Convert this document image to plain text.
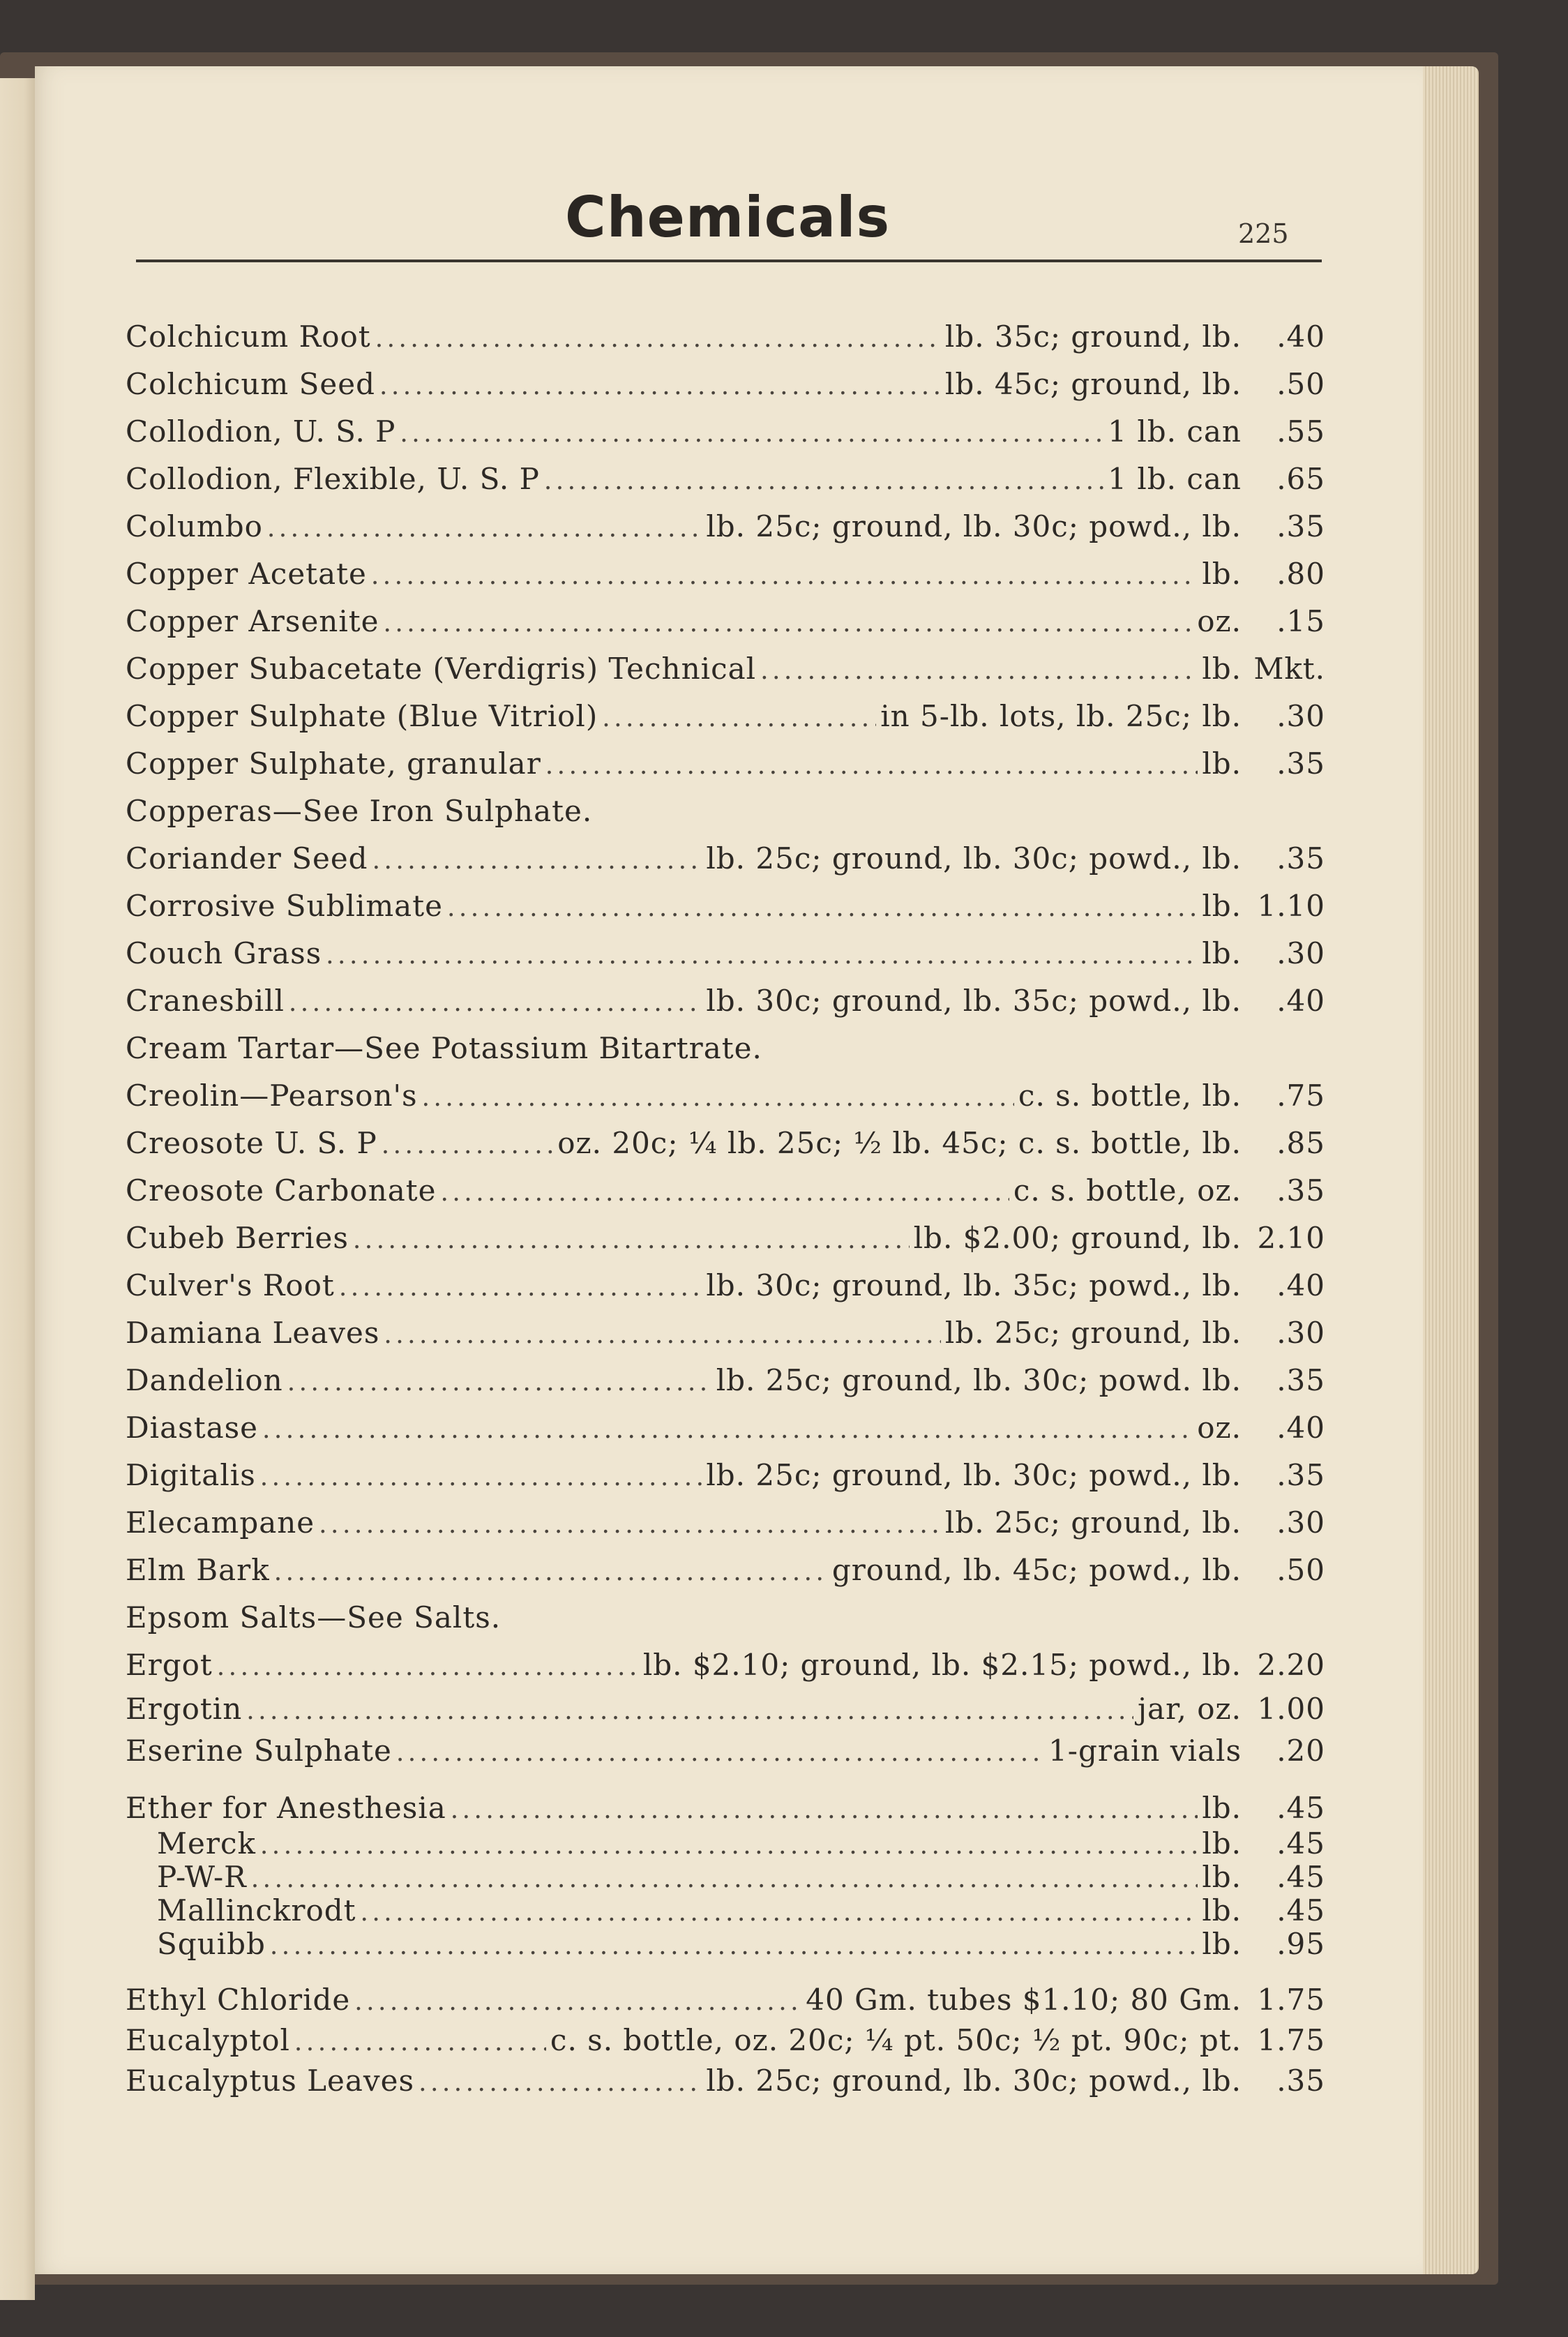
Chemicals	225
Colchicum Root . . .	lb. 35c; ground, lb.	.40
Colchicum Seed . . .	lb. 45c; ground, lb.	.50
Collodion, U. S. P . . .	1 lb. can	.55
Collodion, Flexible, U. S. P . . .	1 lb. can	.65
Columbo . . .	lb. 25c; ground, lb. 30c; powd., lb.	.35
Copper Acetate . . .	lb.	.80
Copper Arsenite . . .	oz.	.15
Copper Subacetate (Verdigris) Technical . . .	lb. Mkt.
Copper Sulphate (Blue Vitriol) . . .	in 5-lb. lots, lb. 25c; lb.	.30
Copper Sulphate, granular . . .	lb.	.35
Copperas—See Iron Sulphate.
Coriander Seed . . .	lb. 25c; ground, lb. 30c; powd., lb.	.35
Corrosive Sublimate . . .	lb. 1.10
Couch Grass . . .	lb.	.30
Cranesbill . . .	lb. 30c; ground, lb. 35c; powd., lb.	.40
Cream Tartar—See Potassium Bitartrate.
Creolin—Pearson's . . .	c. s. bottle, lb.	.75
Creosote U. S. P . . .	oz. 20c; ¼ lb. 25c; ½ lb. 45c; c. s. bottle, lb.	.85
Creosote Carbonate . . .	c. s. bottle, oz.	.35
Cubeb Berries . . .	lb. $2.00; ground, lb. 2.10
Culver's Root . . .	lb. 30c; ground, lb. 35c; powd., lb.	.40
Damiana Leaves . . .	lb. 25c; ground, lb.	.30
Dandelion . . .	lb. 25c; ground, lb. 30c; powd. lb.	.35
Diastase . . .	oz.	.40
Digitalis . . .	lb. 25c; ground, lb. 30c; powd., lb.	.35
Elecampane . . .	lb. 25c; ground, lb.	.30
Elm Bark . . .	ground, lb. 45c; powd., lb.	.50
Epsom Salts—See Salts.
Ergot . . .	lb. $2.10; ground, lb. $2.15; powd., lb. 2.20
Ergotin . . .	jar, oz. 1.00
Eserine Sulphate . . .	1-grain vials	.20
Ether for Anesthesia . . .	lb.	.45
Merck . . .	lb.	.45
P-W-R . . .	lb.	.45
Mallinckrodt . . .	lb.	.45
Squibb . . .	lb.	.95
Ethyl Chloride . . .	40 Gm. tubes $1.10; 80 Gm. 1.75
Eucalyptol . . .	c. s. bottle, oz. 20c; ¼ pt. 50c; ½ pt. 90c; pt. 1.75
Eucalyptus Leaves . . .	lb. 25c; ground, lb. 30c; powd., lb.	.35
